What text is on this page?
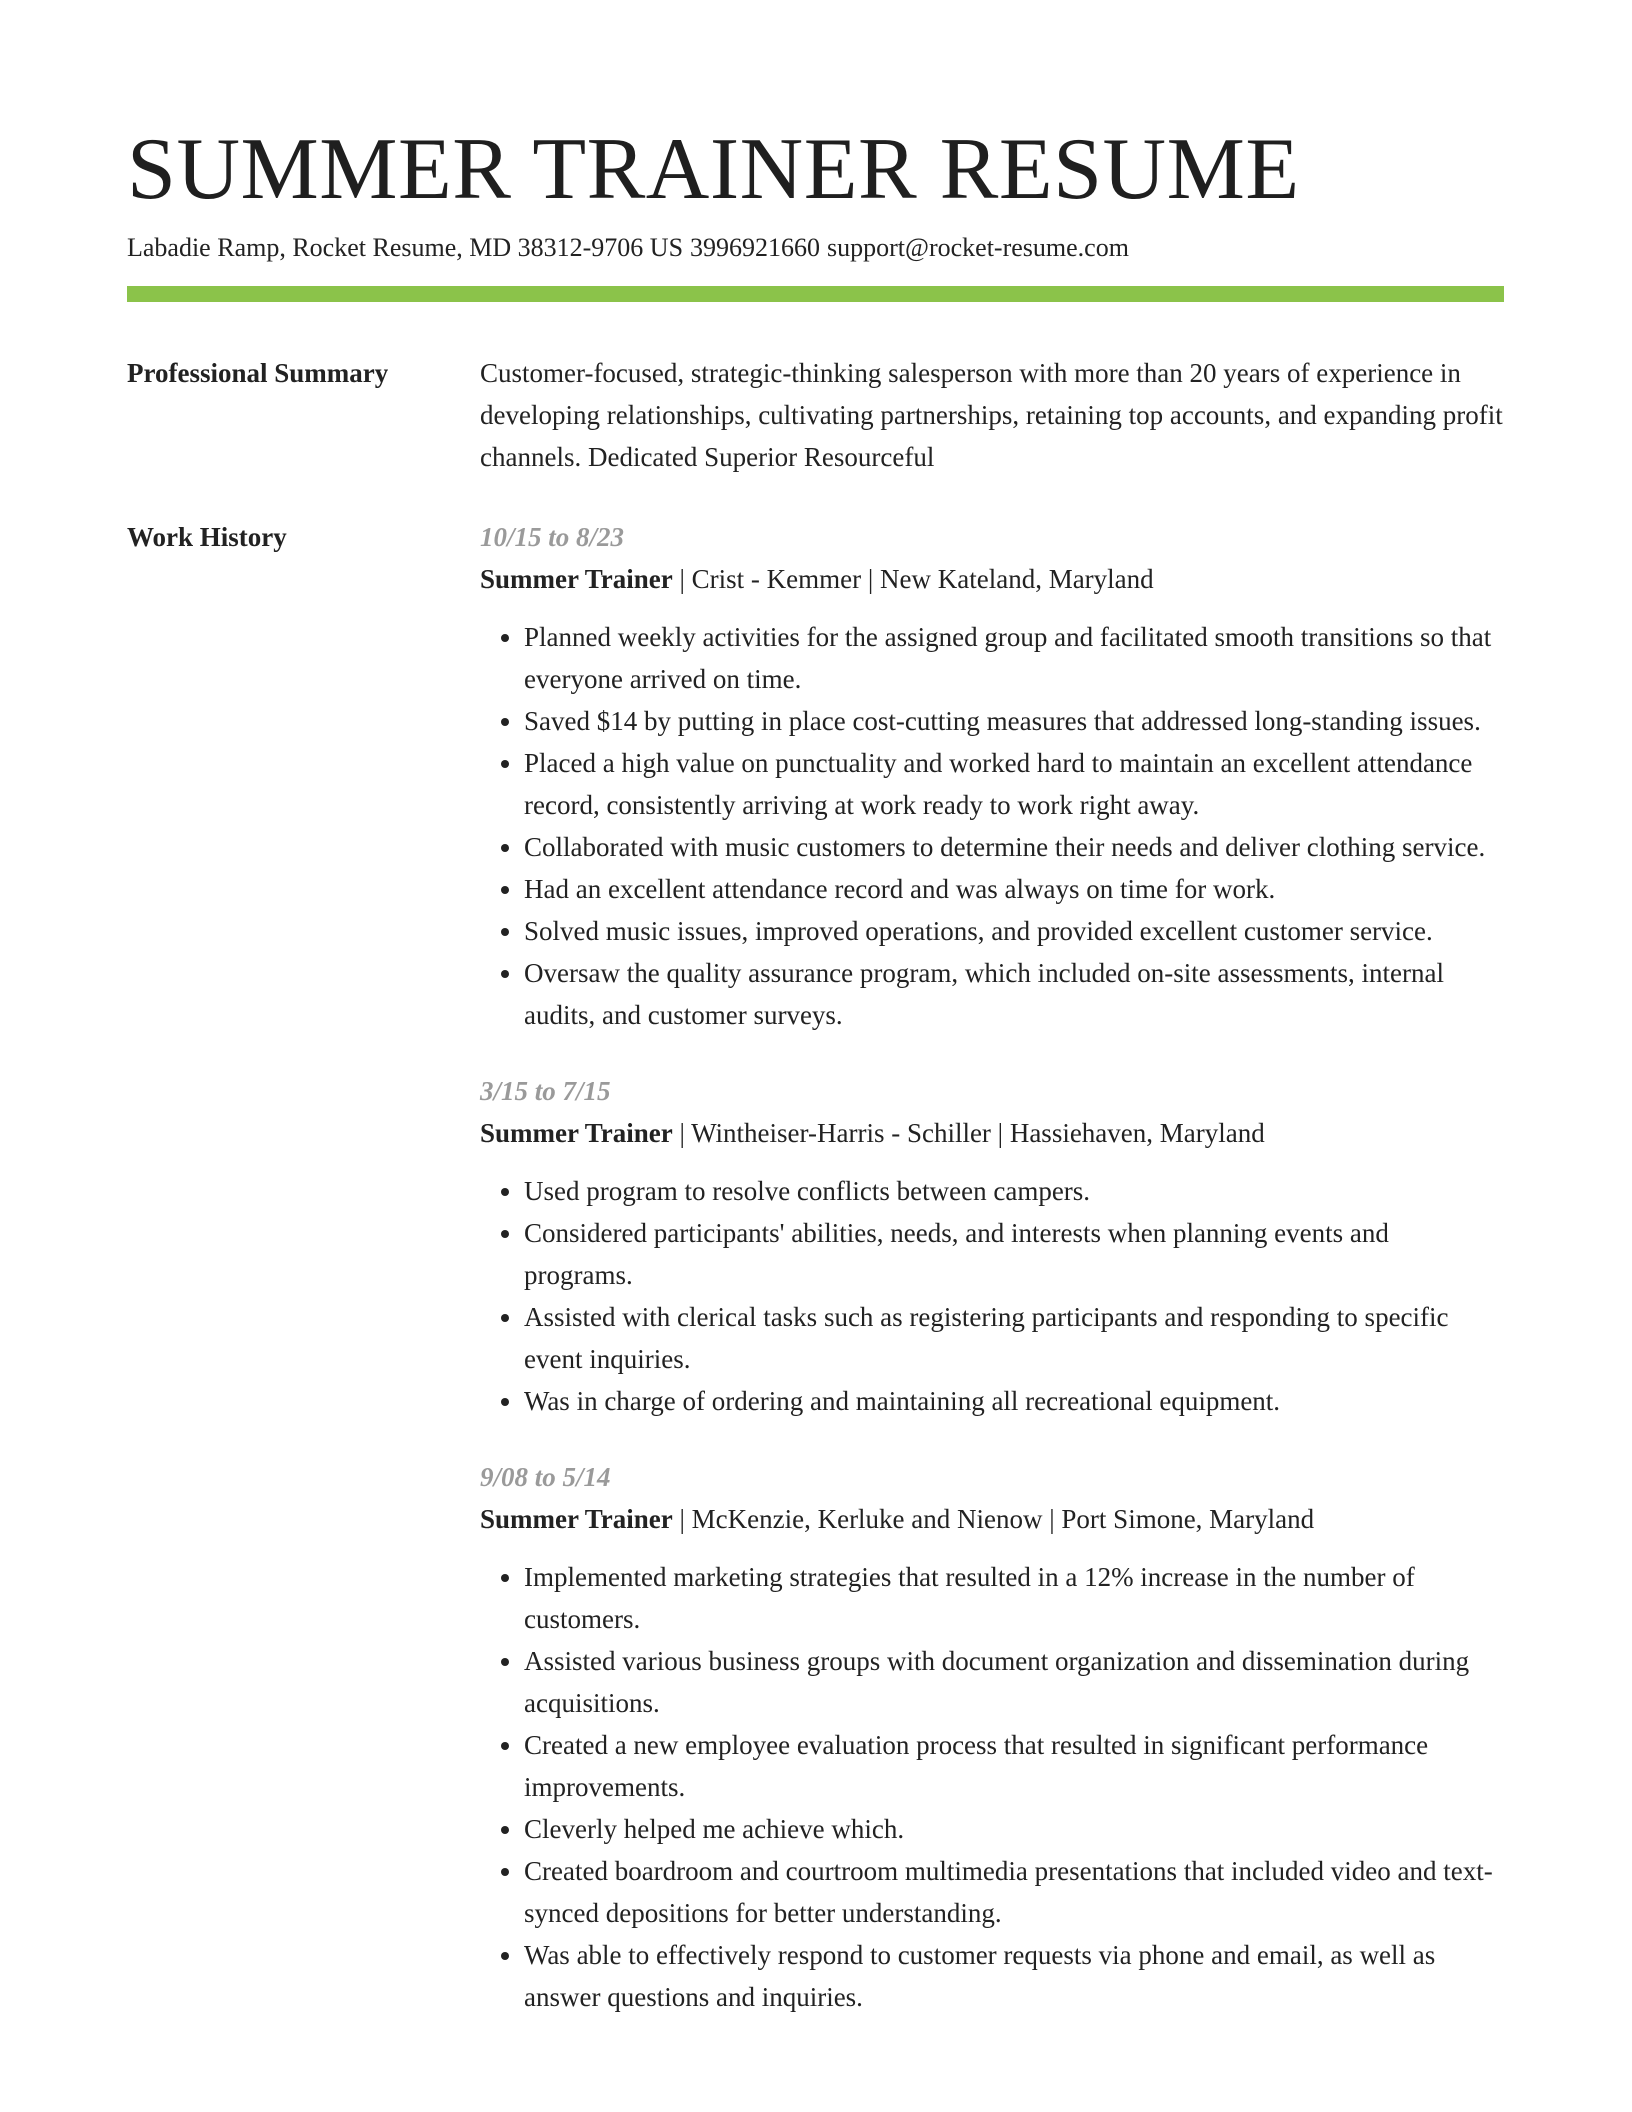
SUMMER TRAINER RESUME
Labadie Ramp, Rocket Resume, MD 38312-9706 US 3996921660 support@rocket-resume.com
Professional Summary	Customer-focused, strategic-thinking salesperson with more than 20 years of experience in developing relationships, cultivating partnerships, retaining top accounts, and expanding profit channels. Dedicated Superior Resourceful
Work History	10/15 to 8/23
Summer Trainer | Crist - Kemmer | New Kateland, Maryland
• Planned weekly activities for the assigned group and facilitated smooth transitions so that everyone arrived on time.
• Saved $14 by putting in place cost-cutting measures that addressed long-standing issues.
• Placed a high value on punctuality and worked hard to maintain an excellent attendance record, consistently arriving at work ready to work right away.
• Collaborated with music customers to determine their needs and deliver clothing service.
• Had an excellent attendance record and was always on time for work.
• Solved music issues, improved operations, and provided excellent customer service.
• Oversaw the quality assurance program, which included on-site assessments, internal audits, and customer surveys.
3/15 to 7/15
Summer Trainer | Wintheiser-Harris - Schiller | Hassiehaven, Maryland
• Used program to resolve conflicts between campers.
• Considered participants' abilities, needs, and interests when planning events and programs.
• Assisted with clerical tasks such as registering participants and responding to specific event inquiries.
• Was in charge of ordering and maintaining all recreational equipment.
9/08 to 5/14
Summer Trainer | McKenzie, Kerluke and Nienow | Port Simone, Maryland
• Implemented marketing strategies that resulted in a 12% increase in the number of customers.
• Assisted various business groups with document organization and dissemination during acquisitions.
• Created a new employee evaluation process that resulted in significant performance improvements.
• Cleverly helped me achieve which.
• Created boardroom and courtroom multimedia presentations that included video and text-synced depositions for better understanding.
• Was able to effectively respond to customer requests via phone and email, as well as answer questions and inquiries.
